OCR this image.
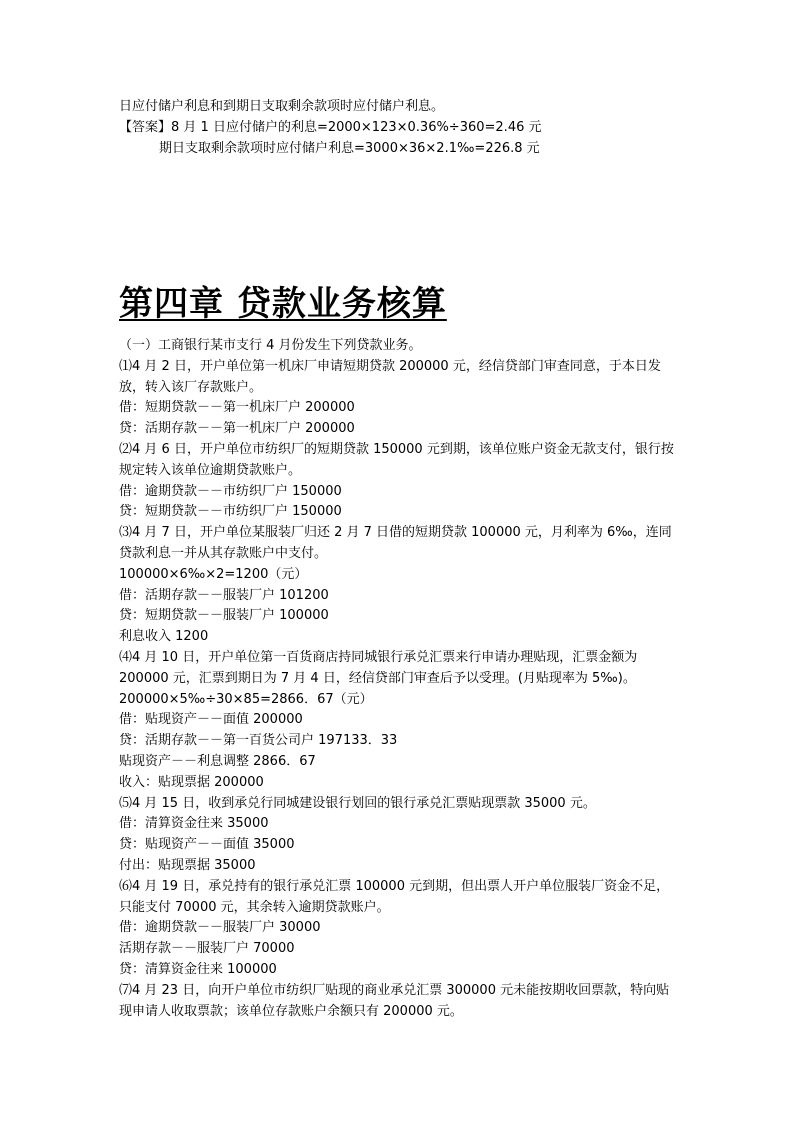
日应付储户利息和到期日支取剩余款项时应付储户利息。

【答案】8 月 1 日应付储户的利息=2000×123×0.36%÷360=2.46 元

期日支取剩余款项时应付储户利息=3000×36×2.1‰=226.8 元

第四章 贷款业务核算

（一）工商银行某市支行 4 月份发生下列贷款业务。

⑴4 月 2 日，开户单位第一机床厂申请短期贷款 200000 元，经信贷部门审查同意，于本日发放，转入该厂存款账户。

借：短期贷款－－第一机床厂户 200000

贷：活期存款－－第一机床厂户 200000

⑵4 月 6 日，开户单位市纺织厂的短期贷款 150000 元到期，该单位账户资金无款支付，银行按规定转入该单位逾期贷款账户。

借：逾期贷款－－市纺织厂户 150000

贷：短期贷款－－市纺织厂户 150000

⑶4 月 7 日，开户单位某服装厂归还 2 月 7 日借的短期贷款 100000 元，月利率为 6‰，连同贷款利息一并从其存款账户中支付。

100000×6‰×2=1200（元）

借：活期存款－－服装厂户 101200

贷：短期贷款－－服装厂户 100000

利息收入 1200

⑷4 月 10 日，开户单位第一百货商店持同城银行承兑汇票来行申请办理贴现，汇票金额为 200000 元，汇票到期日为 7 月 4 日，经信贷部门审查后予以受理。(月贴现率为 5‰)。

200000×5‰÷30×85=2866．67（元）

借：贴现资产－－面值 200000

贷：活期存款－－第一百货公司户 197133．33

贴现资产－－利息调整 2866．67

收入：贴现票据 200000

⑸4 月 15 日，收到承兑行同城建设银行划回的银行承兑汇票贴现票款 35000 元。

借：清算资金往来 35000

贷：贴现资产－－面值 35000

付出：贴现票据 35000

⑹4 月 19 日，承兑持有的银行承兑汇票 100000 元到期，但出票人开户单位服装厂资金不足，只能支付 70000 元，其余转入逾期贷款账户。

借：逾期贷款－－服装厂户 30000

活期存款－－服装厂户 70000

贷：清算资金往来 100000

⑺4 月 23 日，向开户单位市纺织厂贴现的商业承兑汇票 300000 元未能按期收回票款，特向贴现申请人收取票款；该单位存款账户余额只有 200000 元。
